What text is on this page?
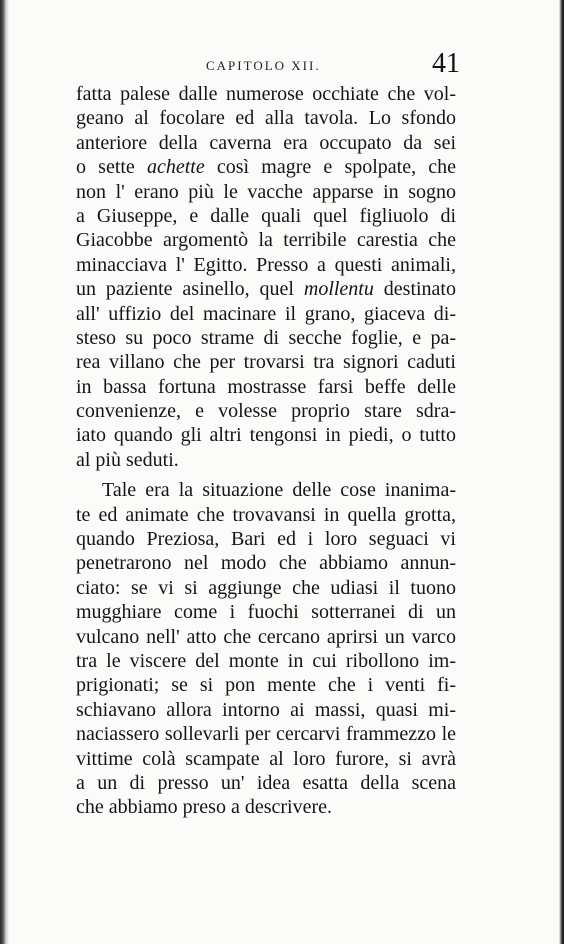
CAPITOLO XII.	41
fatta palese dalle numerose occhiate che vol-
geano al focolare ed alla tavola. Lo sfondo
anteriore della caverna era occupato da sei
o sette achette così magre e spolpate, che
non l' erano più le vacche apparse in sogno
a Giuseppe, e dalle quali quel figliuolo di
Giacobbe argomentò la terribile carestia che
minacciava l' Egitto. Presso a questi animali,
un paziente asinello, quel mollentu destinato
all' uffizio del macinare il grano, giaceva di-
steso su poco strame di secche foglie, e pa-
rea villano che per trovarsi tra signori caduti
in bassa fortuna mostrasse farsi beffe delle
convenienze, e volesse proprio stare sdra-
iato quando gli altri tengonsi in piedi, o tutto
al più seduti.
Tale era la situazione delle cose inanima-
te ed animate che trovavansi in quella grotta,
quando Preziosa, Bari ed i loro seguaci vi
penetrarono nel modo che abbiamo annun-
ciato: se vi si aggiunge che udiasi il tuono
mugghiare come i fuochi sotterranei di un
vulcano nell' atto che cercano aprirsi un varco
tra le viscere del monte in cui ribollono im-
prigionati; se si pon mente che i venti fi-
schiavano allora intorno ai massi, quasi mi-
naciassero sollevarli per cercarvi frammezzo le
vittime colà scampate al loro furore, si avrà
a un di presso un' idea esatta della scena
che abbiamo preso a descrivere.
